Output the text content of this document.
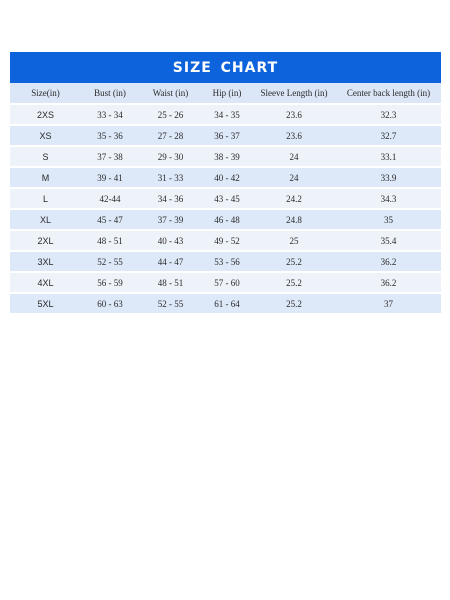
SIZE CHART
Size(in)	Bust (in)	Waist (in)	Hip (in)	Sleeve Length (in)	Center back length (in)
2XS	33 - 34	25 - 26	34 - 35	23.6	32.3
XS	35 - 36	27 - 28	36 - 37	23.6	32.7
S	37 - 38	29 - 30	38 - 39	24	33.1
M	39 - 41	31 - 33	40 - 42	24	33.9
L	42-44	34 - 36	43 - 45	24.2	34.3
XL	45 - 47	37 - 39	46 - 48	24.8	35
2XL	48 - 51	40 - 43	49 - 52	25	35.4
3XL	52 - 55	44 - 47	53 - 56	25.2	36.2
4XL	56 - 59	48 - 51	57 - 60	25.2	36.2
5XL	60 - 63	52 - 55	61 - 64	25.2	37
